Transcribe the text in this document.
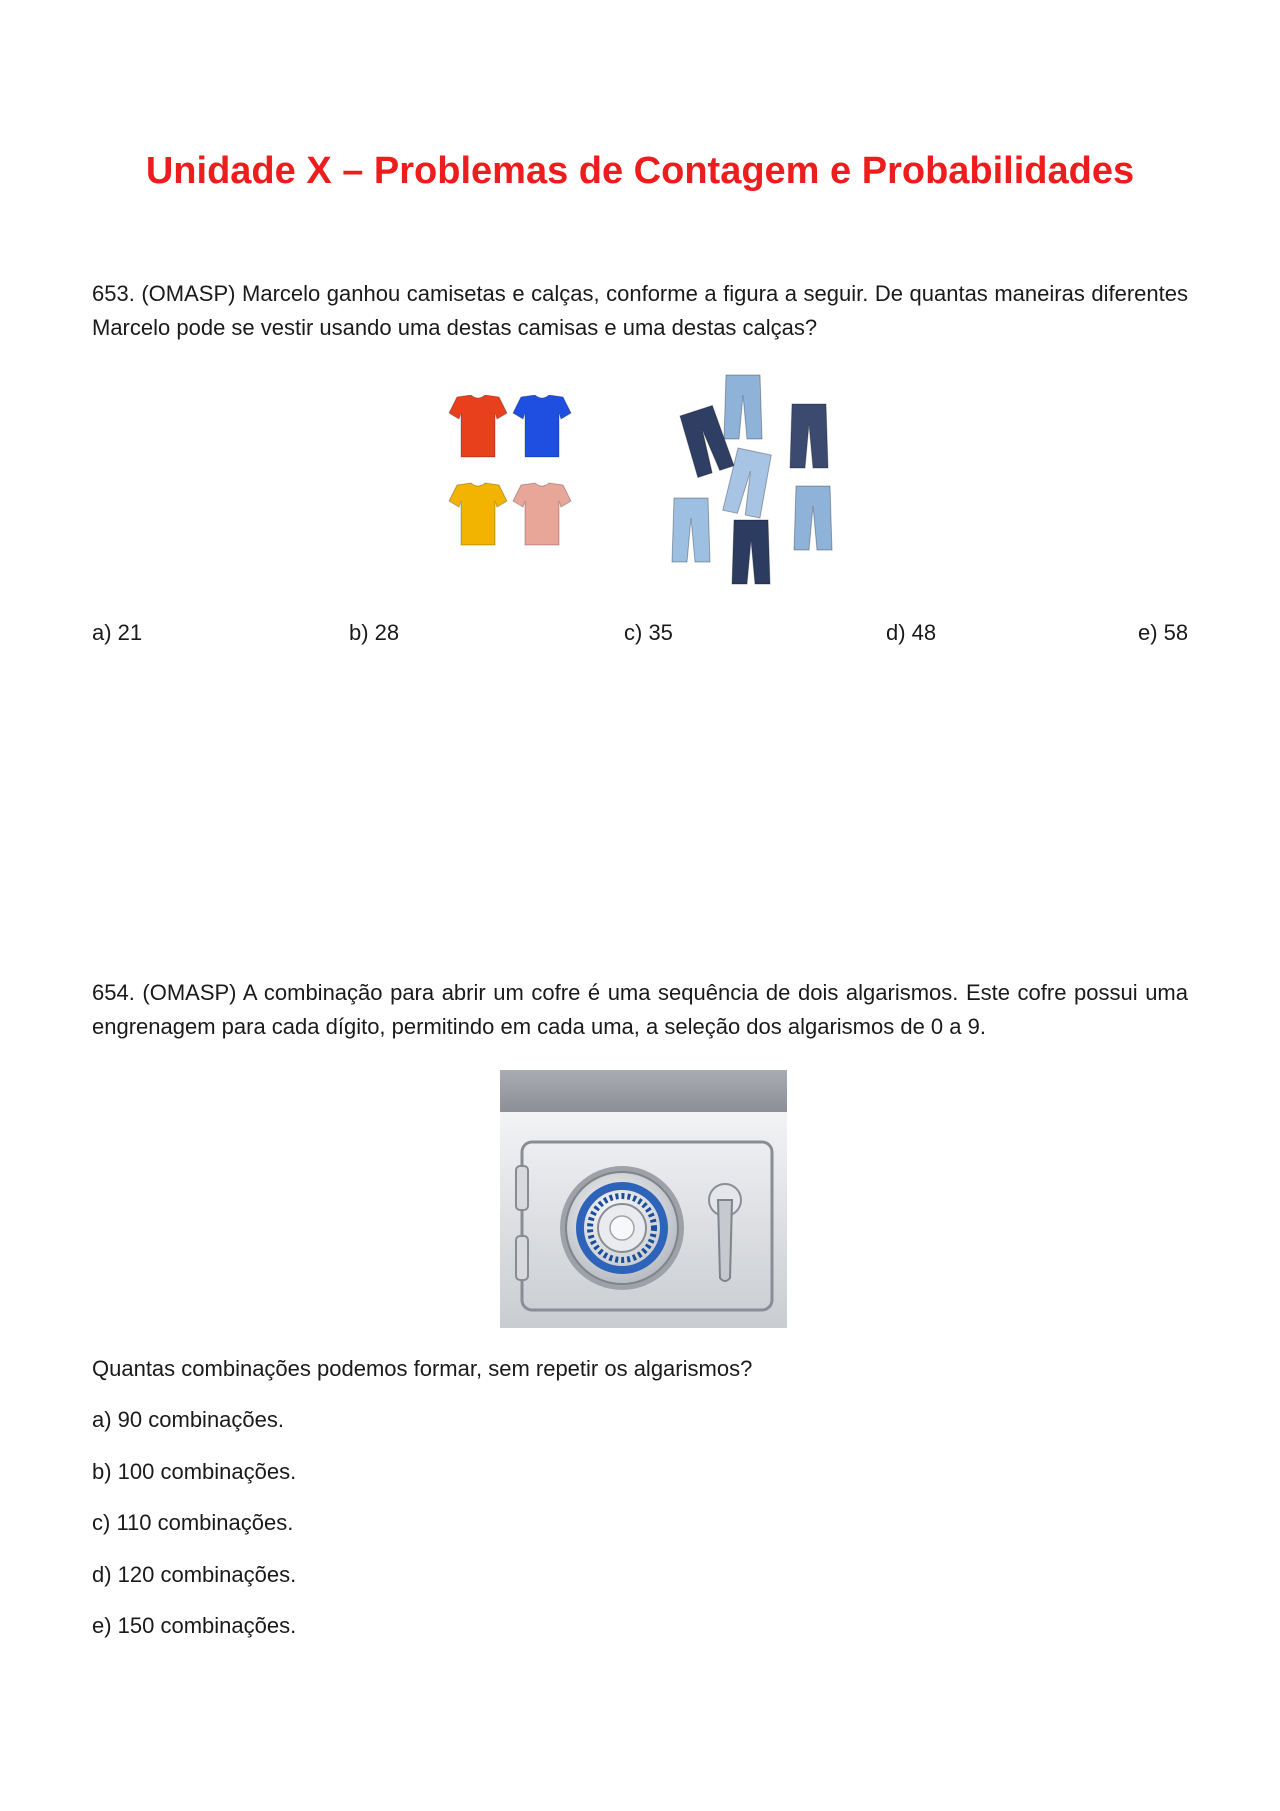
Unidade X – Problemas de Contagem e Probabilidades

653. (OMASP) Marcelo ganhou camisetas e calças, conforme a figura a seguir. De quantas maneiras diferentes Marcelo pode se vestir usando uma destas camisas e uma destas calças?

a) 21	b) 28	c) 35	d) 48	e) 58

654. (OMASP) A combinação para abrir um cofre é uma sequência de dois algarismos. Este cofre possui uma engrenagem para cada dígito, permitindo em cada uma, a seleção dos algarismos de 0 a 9.

Quantas combinações podemos formar, sem repetir os algarismos?
a) 90 combinações.
b) 100 combinações.
c) 110 combinações.
d) 120 combinações.
e) 150 combinações.
